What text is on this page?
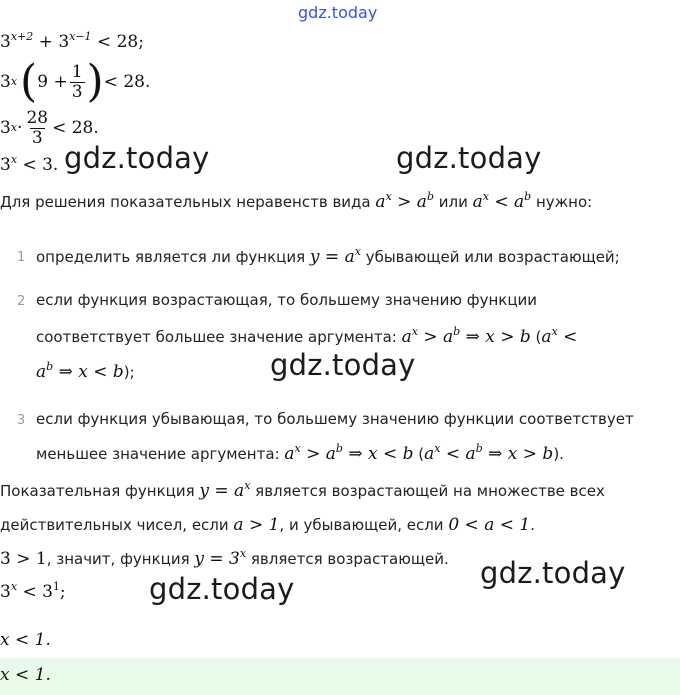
gdz.today
$3^{x+2} + 3^{x-1} < 28$;
3 x ( $9 + \frac{1}{3}$ ) < 28.
3 $x \cdot \frac{28}{3} < 28$.
$3^x < 3$. gdz.today	gdz.today
Для решения показательных неравенств вида $a^x > a^b$ или $a^x < a^b$ нужно:
1 определить является ли функция $y = a^x$ убывающей или возрастающей;
2 если функция возрастающая, то большему значению функции
соответствует большее значение аргумента: $a^x > a^b$ ⇒ x > b ($a^x$ <
$a^b$ ⇒ x < b);	gdz.today
3 если функция убывающая, то большему значению функции соответствует
меньшее значение аргумента: $a^x > a^b$ ⇒ x < b ($a^x < a^b$ ⇒ x > b).
Показательная функция $y = a^x$ является возрастающей на множестве всех
действительных чисел, если a > 1, и убывающей, если 0 < a < 1.
3 > 1, значит, функция $y = 3^x$ является возрастающей. gdz.today
$3^x < 3^1$;	gdz.today
x < 1.
x < 1.
